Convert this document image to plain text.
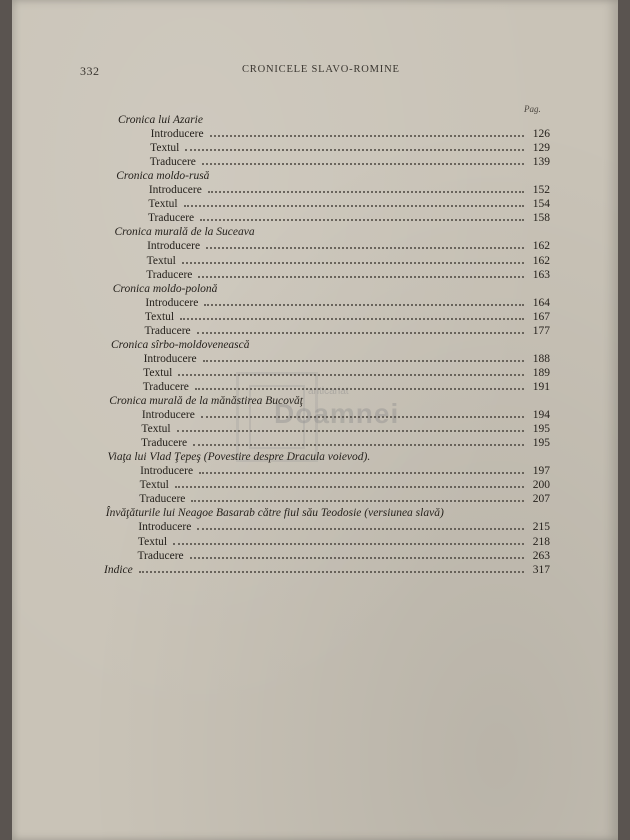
332	CRONICELE SLAVO-ROMINE
Pag.
anticariat
Doamnei
Cronica lui Azarie
Introducere	126
Textul	129
Traducere	139
Cronica moldo-rusă
Introducere	152
Textul	154
Traducere	158
Cronica murală de la Suceava
Introducere	162
Textul	162
Traducere	163
Cronica moldo-polonă
Introducere	164
Textul	167
Traducere	177
Cronica sîrbo-moldovenească
Introducere	188
Textul	189
Traducere	191
Cronica murală de la mănăstirea Bucovăţ
Introducere	194
Textul	195
Traducere	195
Viaţa lui Vlad Ţepeş (Povestire despre Dracula voievod).
Introducere	197
Textul	200
Traducere	207
Învăţăturile lui Neagoe Basarab către fiul său Teodosie (versiunea slavă)
Introducere	215
Textul	218
Traducere	263
Indice	317
